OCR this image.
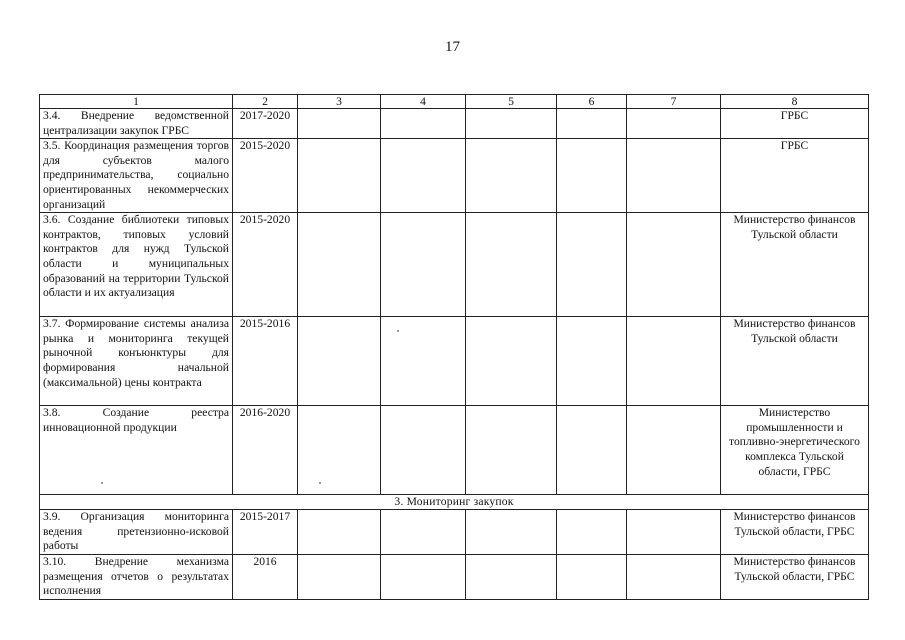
17
1	2	3	4	5	6	7	8
3.4. Внедрение ведомственной централизации закупок ГРБС	2017-2020						ГРБС
3.5. Координация размещения торгов для субъектов малого предпринимательства, социально ориентированных некоммерческих организаций	2015-2020						ГРБС
3.6. Создание библиотеки типовых контрактов, типовых условий контрактов для нужд Тульской области и муниципальных образований на территории Тульской области и их актуализация	2015-2020						Министерство финансов Тульской области
3.7. Формирование системы анализа рынка и мониторинга текущей рыночной конъюнктуры для формирования начальной (максимальной) цены контракта	2015-2016						Министерство финансов Тульской области
3.8. Создание реестра инновационной продукции	2016-2020						Министерство промышленности и топливно-энергетического комплекса Тульской области, ГРБС
3. Мониторинг закупок							
3.9. Организация мониторинга ведения претензионно-исковой работы	2015-2017						Министерство финансов Тульской области, ГРБС
3.10. Внедрение механизма размещения отчетов о результатах исполнения	2016						Министерство финансов Тульской области, ГРБС
